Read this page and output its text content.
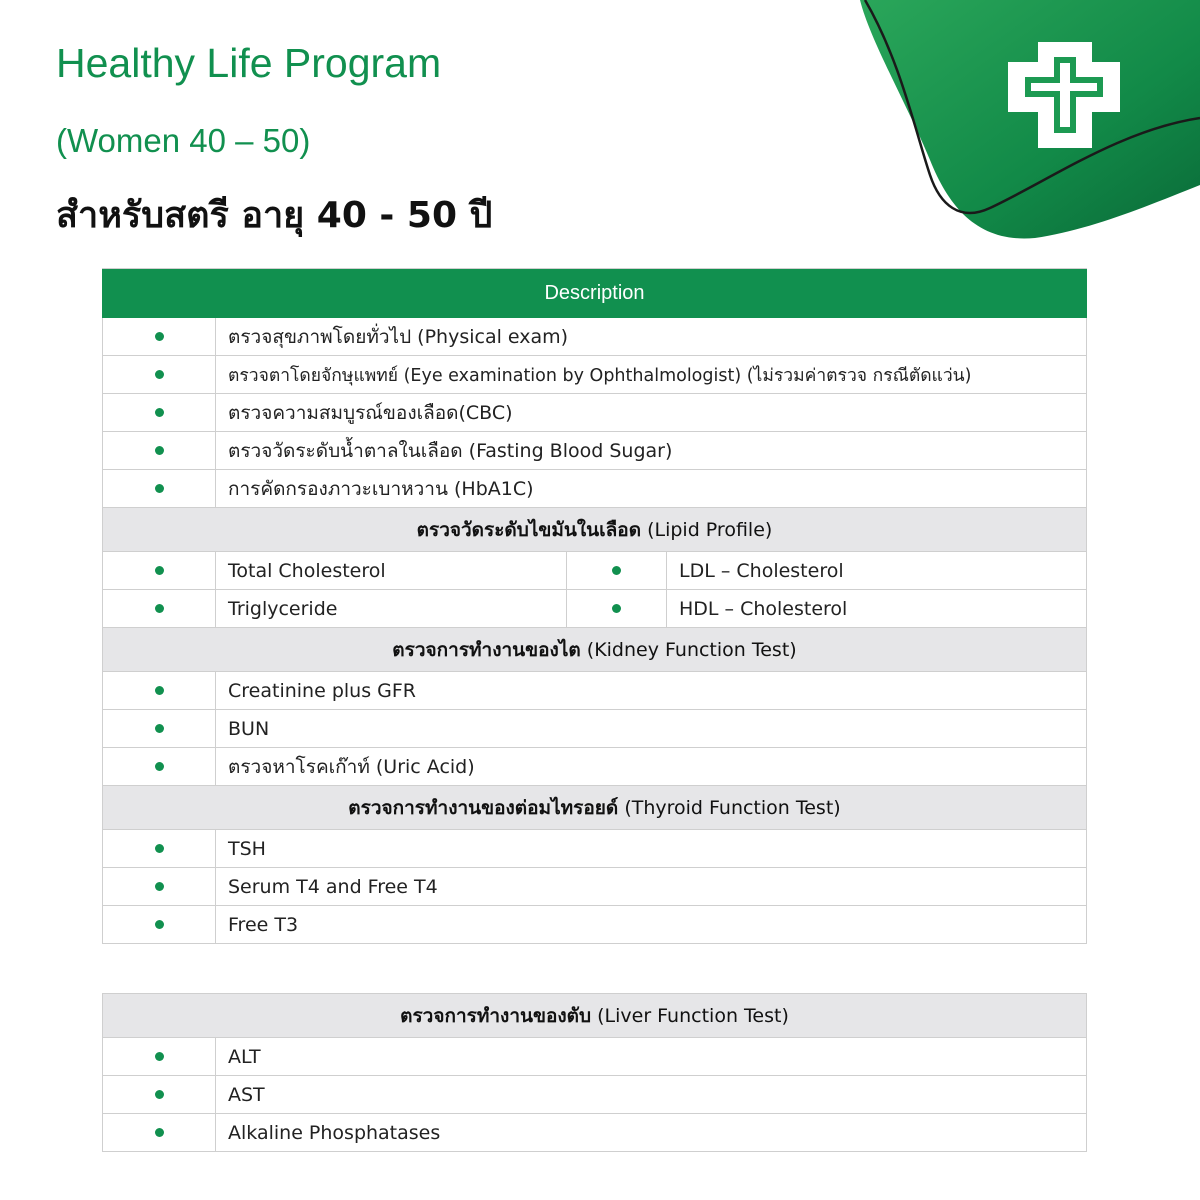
Healthy Life Program
(Women 40 – 50)
สำหรับสตรี อายุ 40 - 50 ปี
Description
ตรวจสุขภาพโดยทั่วไป (Physical exam)
ตรวจตาโดยจักษุแพทย์ (Eye examination by Ophthalmologist) (ไม่รวมค่าตรวจ กรณีตัดแว่น)
ตรวจความสมบูรณ์ของเลือด(CBC)
ตรวจวัดระดับน้ำตาลในเลือด (Fasting Blood Sugar)
การคัดกรองภาวะเบาหวาน (HbA1C)
ตรวจวัดระดับไขมันในเลือด
(Lipid Profile)
Total Cholesterol	LDL – Cholesterol
Triglyceride	HDL – Cholesterol
ตรวจการทำงานของไต
(Kidney Function Test)
Creatinine plus GFR
BUN
ตรวจหาโรคเก๊าท์ (Uric Acid)
ตรวจการทำงานของต่อมไทรอยด์
(Thyroid Function Test)
TSH
Serum T4 and Free T4
Free T3
ตรวจการทำงานของตับ
(Liver Function Test)
ALT
AST
Alkaline Phosphatases
